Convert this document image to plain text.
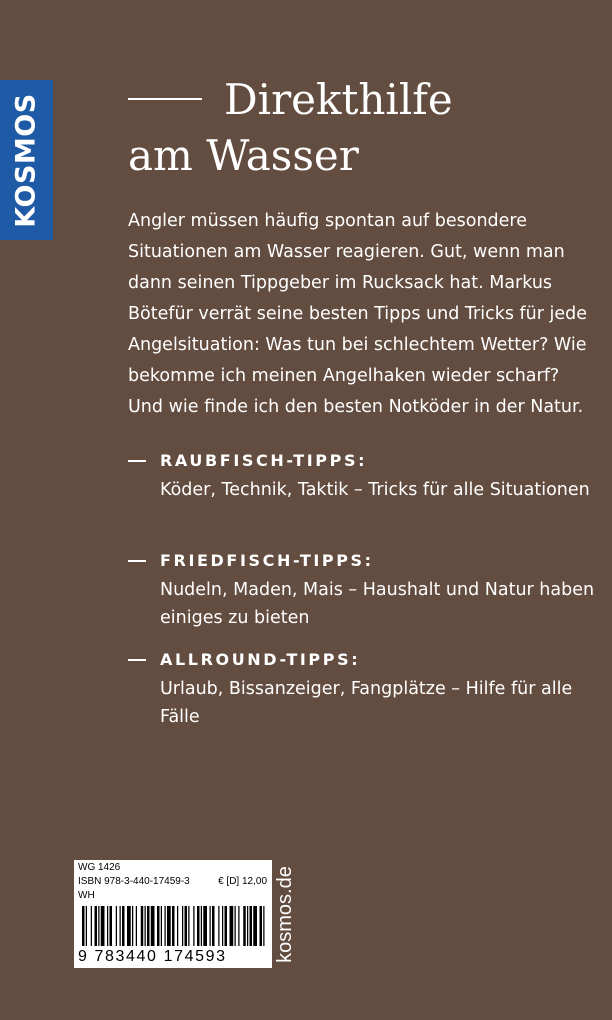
KOSMOS	Direkthilfe
am Wasser

Angler müssen häufig spontan auf besondere Situationen am Wasser reagieren. Gut, wenn man dann seinen Tippgeber im Rucksack hat. Markus Bötefür verrät seine besten Tipps und Tricks für jede Angelsituation: Was tun bei schlechtem Wetter? Wie bekomme ich meinen Angelhaken wieder scharf? Und wie finde ich den besten Notköder in der Natur.

RAUBFISCH-TIPPS:

Köder, Technik, Taktik – Tricks für alle Situationen

FRIEDFISCH-TIPPS:

Nudeln, Maden, Mais – Haushalt und Natur haben einiges zu bieten

ALLROUND-TIPPS:

Urlaub, Bissanzeiger, Fangplätze – Hilfe für alle Fälle

WG 1426
ISBN 978-3-440-17459-3	€ [D] 12,00
WH
9 783440 174593 kosmos.de
